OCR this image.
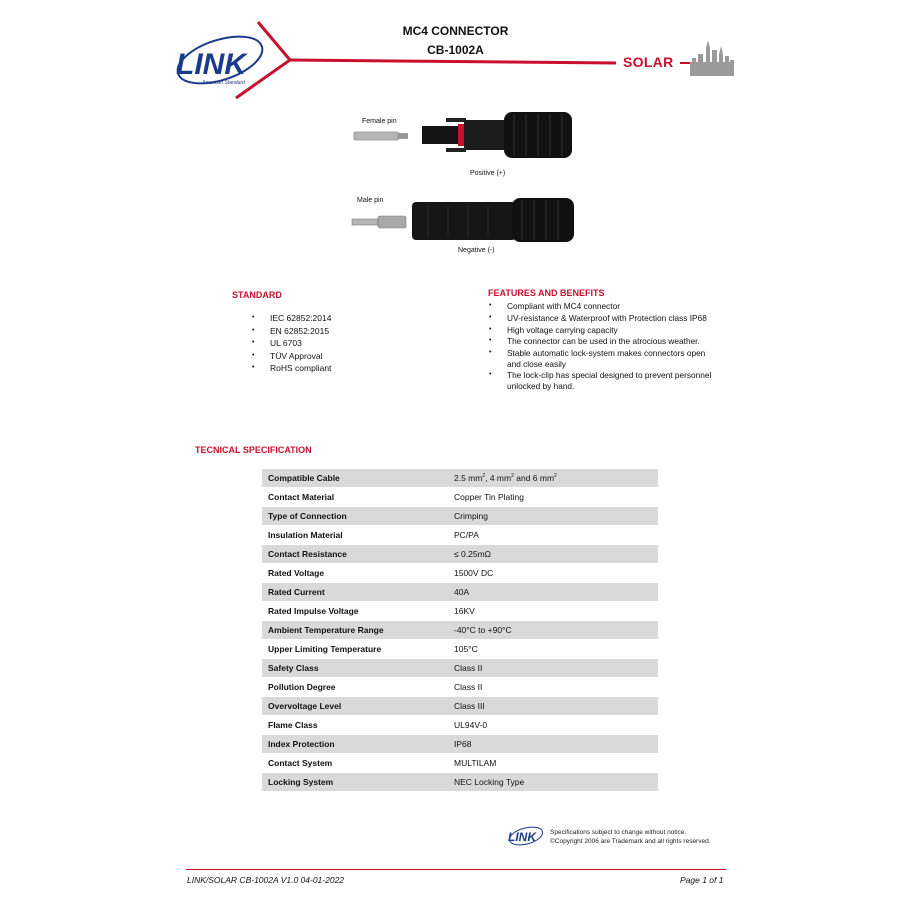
MC4 CONNECTOR
CB-1002A
LINK
American Standard
SOLAR
Female pin
Positive (+)
Male pin
Negative (-)
STANDARD
• IEC 62852:2014
• EN 62852:2015
• UL 6703
• TÜV Approval
• RoHS compliant
FEATURES AND BENEFITS
• Compliant with MC4 connector
• UV-resistance & Waterproof with Protection class IP68
• High voltage carrying capacity
• The connector can be used in the atrocious weather.
• Stable automatic lock-system makes connectors open and close easily
• The lock-clip has special designed to prevent personnel unlocked by hand.
TECNICAL SPECIFICATION
Compatible Cable	2.5 $mm^2$, 4 $mm^2$ and 6 $mm^2$
Contact Material	Copper Tin Plating
Type of Connection	Crimping
Insulation Material	PC/PA
Contact Resistance	≤ 0.25mΩ
Rated Voltage	1500V DC
Rated Current	40A
Rated Impulse Voltage	16KV
Ambient Temperature Range	-40°C to +90°C
Upper Limiting Temperature	105°C
Safety Class	Class II
Pollution Degree	Class II
Overvoltage Level	Class III
Flame Class	UL94V-0
Index Protection	IP68
Contact System	MULTILAM
Locking System	NEC Locking Type
LINK Specifications subject to change without notice.
©Copyright 2006 are Trademark and all rights reserved.
LINK/SOLAR CB-1002A V1.0 04-01-2022	Page 1 of 1
